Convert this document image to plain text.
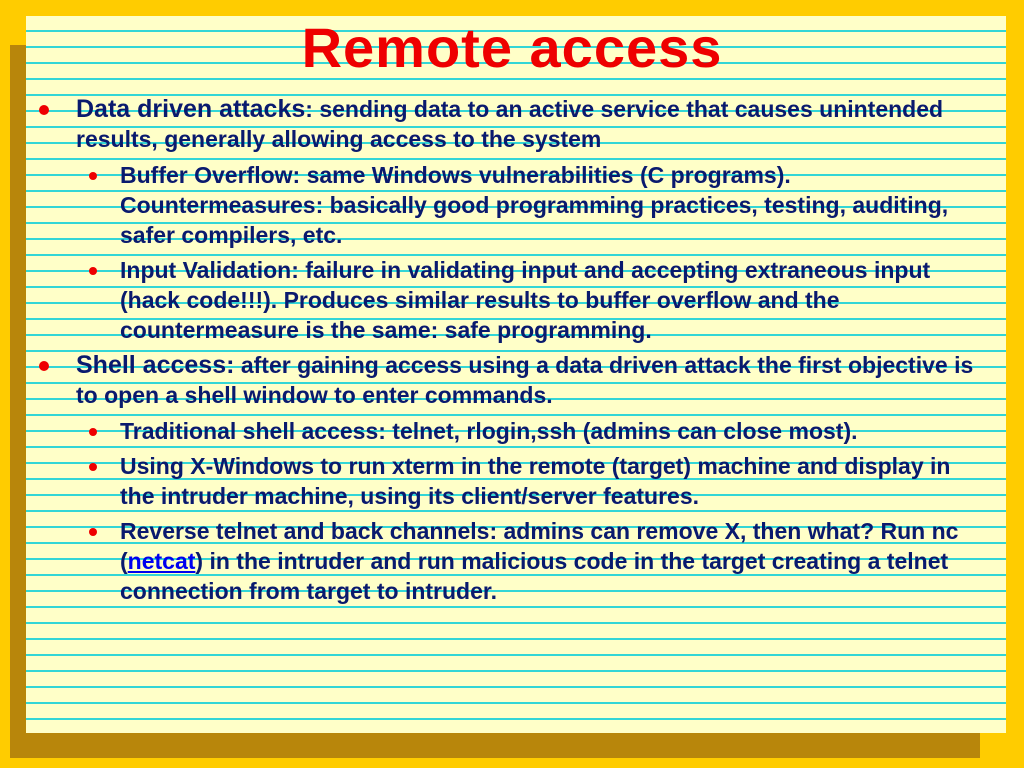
Remote access
Data driven attacks: sending data to an active service that causes unintended results, generally allowing access to the system
Buffer Overflow: same Windows vulnerabilities (C programs). Countermeasures: basically good programming practices, testing, auditing, safer compilers, etc.
Input Validation: failure in validating input and accepting extraneous input (hack code!!!). Produces similar results to buffer overflow and the countermeasure is the same: safe programming.
Shell access: after gaining access using a data driven attack the first objective is to open a shell window to enter commands.
Traditional shell access: telnet, rlogin,ssh (admins can close most).
Using X-Windows to run xterm in the remote (target) machine and display in the intruder machine, using its client/server features.
Reverse telnet and back channels: admins can remove X, then what? Run nc (netcat) in the intruder and run malicious code in the target creating a telnet connection from target to intruder.
